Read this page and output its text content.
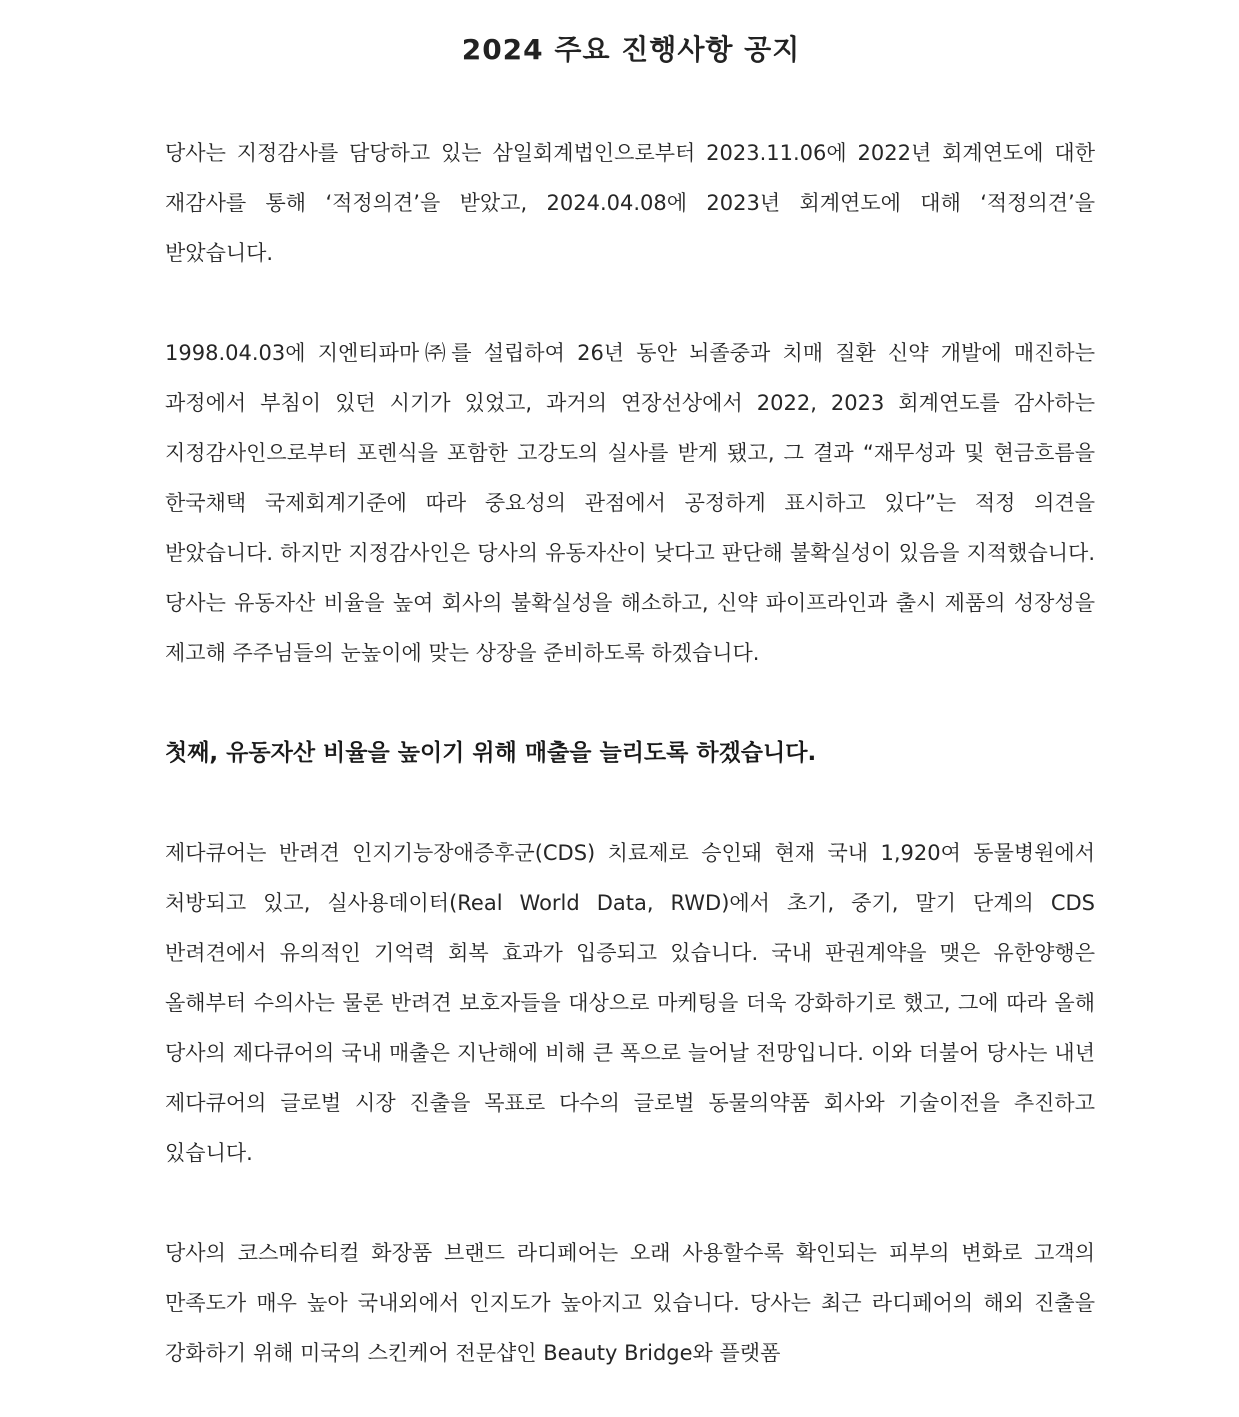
2024 주요 진행사항 공지

당사는 지정감사를 담당하고 있는 삼일회계법인으로부터 2023.11.06에 2022년 회계연도에 대한 재감사를 통해 ‘적정의견’을 받았고, 2024.04.08에 2023년 회계연도에 대해 ‘적정의견’을 받았습니다.

1998.04.03에 지엔티파마㈜를 설립하여 26년 동안 뇌졸중과 치매 질환 신약 개발에 매진하는 과정에서 부침이 있던 시기가 있었고, 과거의 연장선상에서 2022, 2023 회계연도를 감사하는 지정감사인으로부터 포렌식을 포함한 고강도의 실사를 받게 됐고, 그 결과 “재무성과 및 현금흐름을 한국채택 국제회계기준에 따라 중요성의 관점에서 공정하게 표시하고 있다”는 적정 의견을 받았습니다. 하지만 지정감사인은 당사의 유동자산이 낮다고 판단해 불확실성이 있음을 지적했습니다. 당사는 유동자산 비율을 높여 회사의 불확실성을 해소하고, 신약 파이프라인과 출시 제품의 성장성을 제고해 주주님들의 눈높이에 맞는 상장을 준비하도록 하겠습니다.

첫째, 유동자산 비율을 높이기 위해 매출을 늘리도록 하겠습니다.

제다큐어는 반려견 인지기능장애증후군(CDS) 치료제로 승인돼 현재 국내 1,920여 동물병원에서 처방되고 있고, 실사용데이터(Real World Data, RWD)에서 초기, 중기, 말기 단계의 CDS 반려견에서 유의적인 기억력 회복 효과가 입증되고 있습니다. 국내 판권계약을 맺은 유한양행은 올해부터 수의사는 물론 반려견 보호자들을 대상으로 마케팅을 더욱 강화하기로 했고, 그에 따라 올해 당사의 제다큐어의 국내 매출은 지난해에 비해 큰 폭으로 늘어날 전망입니다. 이와 더불어 당사는 내년 제다큐어의 글로벌 시장 진출을 목표로 다수의 글로벌 동물의약품 회사와 기술이전을 추진하고 있습니다.

당사의 코스메슈티컬 화장품 브랜드 라디페어는 오래 사용할수록 확인되는 피부의 변화로 고객의 만족도가 매우 높아 국내외에서 인지도가 높아지고 있습니다. 당사는 최근 라디페어의 해외 진출을 강화하기 위해 미국의 스킨케어 전문샵인 Beauty Bridge와 플랫폼
